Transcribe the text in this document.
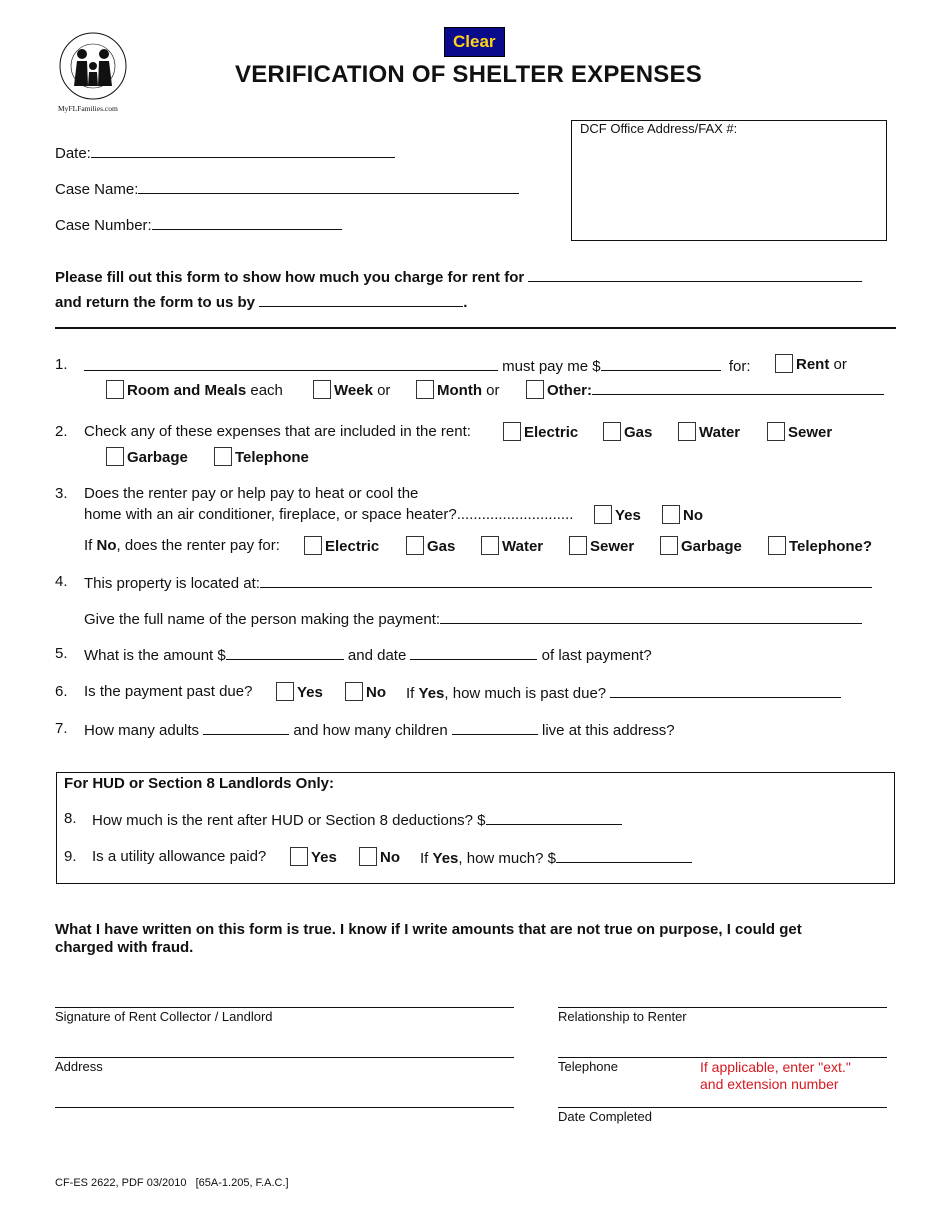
MyFLFamilies.com
Clear
VERIFICATION OF SHELTER EXPENSES
Date:
Case Name:
Case Number:
DCF Office Address/FAX #:
Please fill out this form to show how much you charge for rent for
and return the form to us by	.
1.	must pay me $	for:	Rent or
Room and Meals each	Week or	Month or	Other:
2. Check any of these expenses that are included in the rent:	Electric	Gas	Water	Sewer
Garbage	Telephone
3. Does the renter pay or help pay to heat or cool the
home with an air conditioner, fireplace, or space heater?............................	Yes	No
If No, does the renter pay for:	Electric	Gas	Water	Sewer	Garbage	Telephone?
4. This property is located at:
Give the full name of the person making the payment:
5. What is the amount $	and date	of last payment?
6. Is the payment past due?	Yes	No If Yes, how much is past due?
7. How many adults	and how many children	live at this address?
For HUD or Section 8 Landlords Only:
8. How much is the rent after HUD or Section 8 deductions? $
9. Is a utility allowance paid?	Yes	No If Yes, how much? $
What I have written on this form is true. I know if I write amounts that are not true on purpose, I could get
charged with fraud.
Signature of Rent Collector / Landlord	Relationship to Renter
Address	Telephone	If applicable, enter "ext."
and extension number
Date Completed
CF-ES 2622, PDF 03/2010   [65A-1.205, F.A.C.]
